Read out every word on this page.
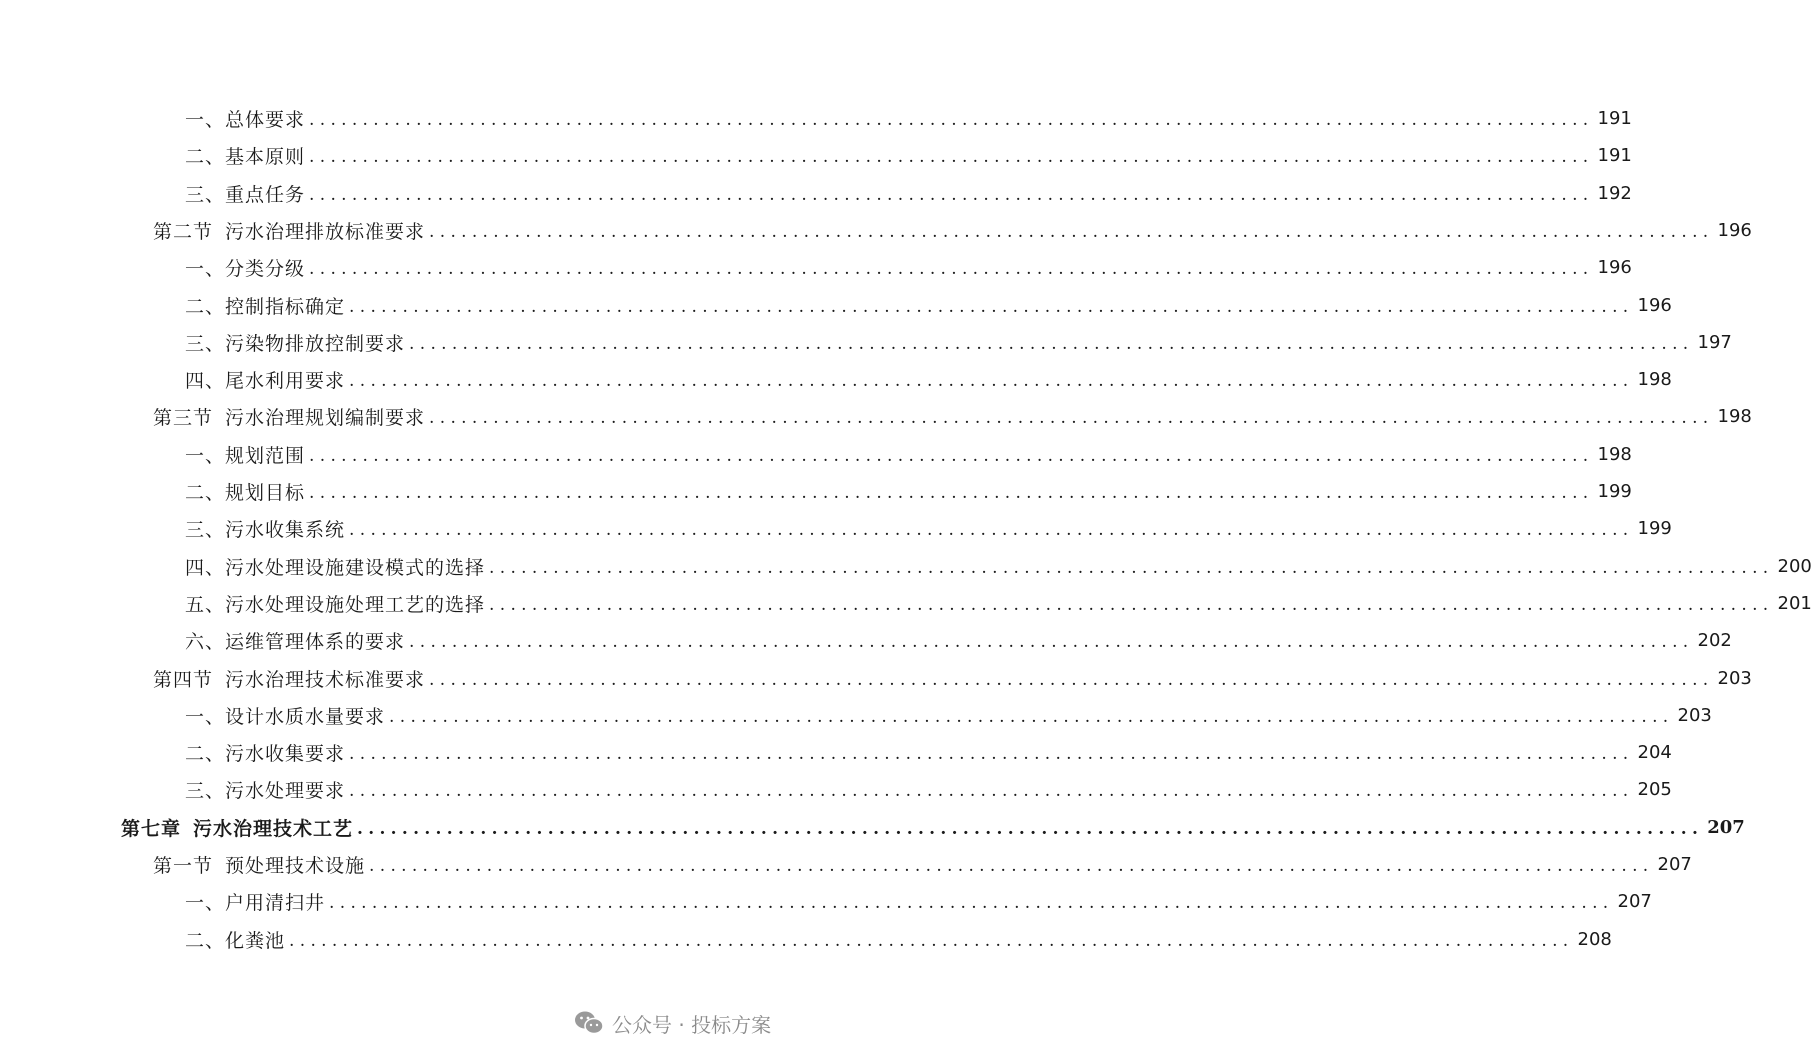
一、总体要求 ........................................................................................................................ 191
二、基本原则 ........................................................................................................................ 191
三、重点任务 ........................................................................................................................ 192
第二节 污水治理排放标准要求 ........................................................................................................................ 196
一、分类分级 ........................................................................................................................ 196
二、控制指标确定 ........................................................................................................................ 196
三、污染物排放控制要求 ........................................................................................................................ 197
四、尾水利用要求 ........................................................................................................................ 198
第三节 污水治理规划编制要求 ........................................................................................................................ 198
一、规划范围 ........................................................................................................................ 198
二、规划目标 ........................................................................................................................ 199
三、污水收集系统 ........................................................................................................................ 199
四、污水处理设施建设模式的选择 ........................................................................................................................ 200
五、污水处理设施处理工艺的选择 ........................................................................................................................ 201
六、运维管理体系的要求 ........................................................................................................................ 202
第四节 污水治理技术标准要求 ........................................................................................................................ 203
一、设计水质水量要求 ........................................................................................................................ 203
二、污水收集要求 ........................................................................................................................ 204
三、污水处理要求 ........................................................................................................................ 205
第七章 污水治理技术工艺 ........................................................................................................................ 207
第一节 预处理技术设施 ........................................................................................................................ 207
一、户用清扫井 ........................................................................................................................ 207
二、化粪池 ........................................................................................................................ 208
公众号 · 投标方案
